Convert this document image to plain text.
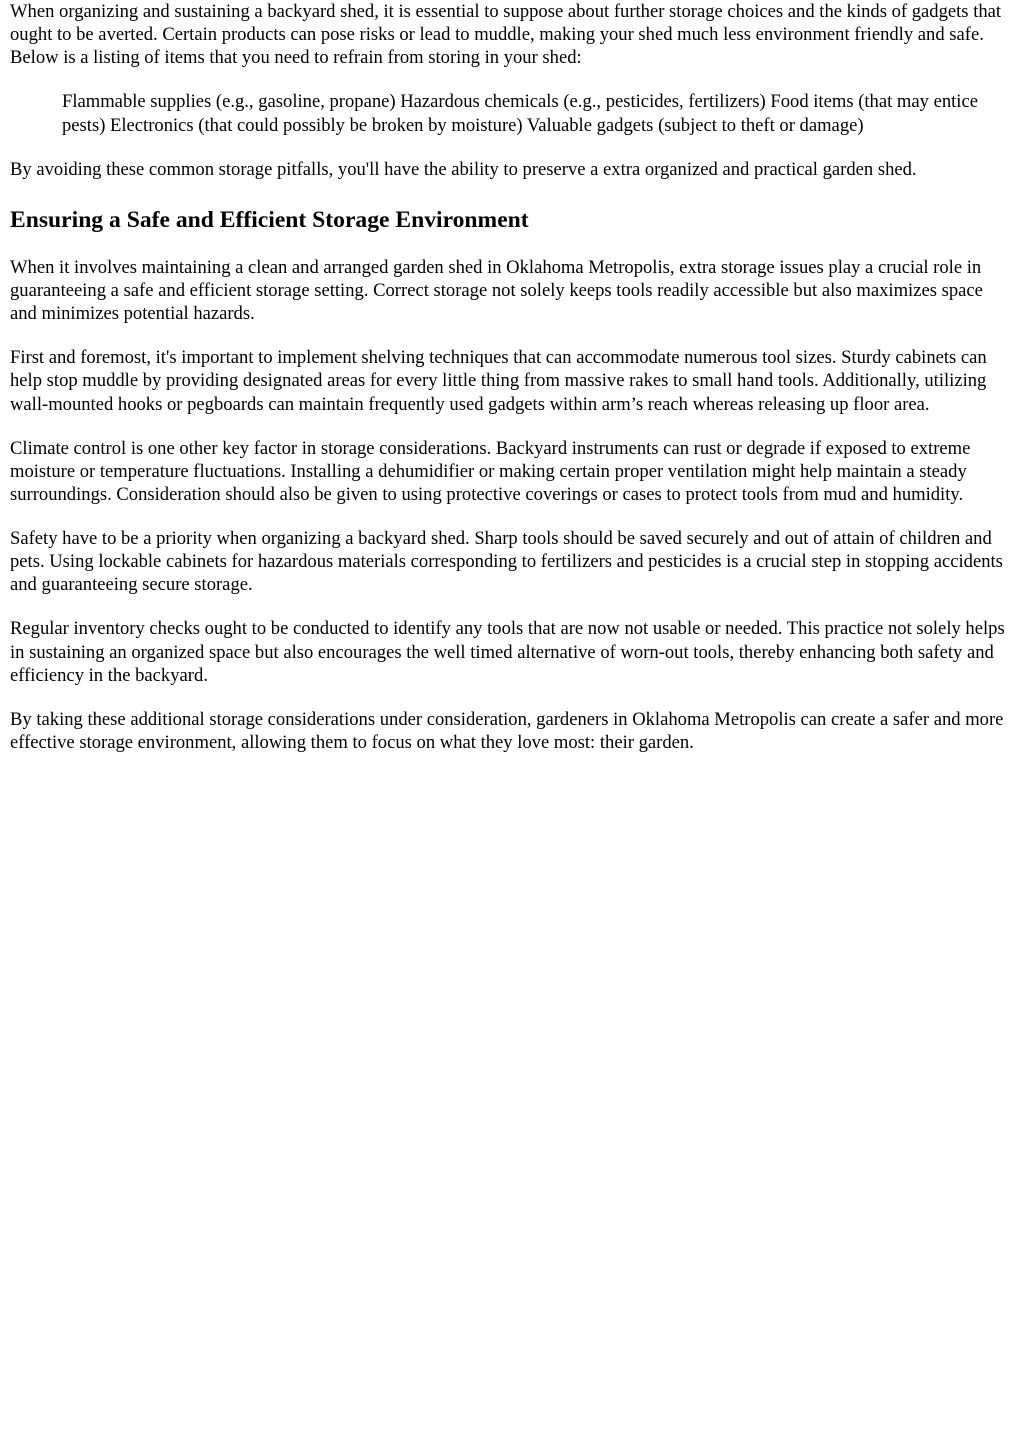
When organizing and sustaining a backyard shed, it is essential to suppose about further storage choices and the kinds of gadgets that ought to be averted. Certain products can pose risks or lead to muddle, making your shed much less environment friendly and safe. Below is a listing of items that you need to refrain from storing in your shed:

Flammable supplies (e.g., gasoline, propane) Hazardous chemicals (e.g., pesticides, fertilizers) Food items (that may entice pests) Electronics (that could possibly be broken by moisture) Valuable gadgets (subject to theft or damage)

By avoiding these common storage pitfalls, you'll have the ability to preserve a extra organized and practical garden shed.

Ensuring a Safe and Efficient Storage Environment

When it involves maintaining a clean and arranged garden shed in Oklahoma Metropolis, extra storage issues play a crucial role in guaranteeing a safe and efficient storage setting. Correct storage not solely keeps tools readily accessible but also maximizes space and minimizes potential hazards.

First and foremost, it's important to implement shelving techniques that can accommodate numerous tool sizes. Sturdy cabinets can help stop muddle by providing designated areas for every little thing from massive rakes to small hand tools. Additionally, utilizing wall-mounted hooks or pegboards can maintain frequently used gadgets within arm’s reach whereas releasing up floor area.

Climate control is one other key factor in storage considerations. Backyard instruments can rust or degrade if exposed to extreme moisture or temperature fluctuations. Installing a dehumidifier or making certain proper ventilation might help maintain a steady surroundings. Consideration should also be given to using protective coverings or cases to protect tools from mud and humidity.

Safety have to be a priority when organizing a backyard shed. Sharp tools should be saved securely and out of attain of children and pets. Using lockable cabinets for hazardous materials corresponding to fertilizers and pesticides is a crucial step in stopping accidents and guaranteeing secure storage.

Regular inventory checks ought to be conducted to identify any tools that are now not usable or needed. This practice not solely helps in sustaining an organized space but also encourages the well timed alternative of worn-out tools, thereby enhancing both safety and efficiency in the backyard.

By taking these additional storage considerations under consideration, gardeners in Oklahoma Metropolis can create a safer and more effective storage environment, allowing them to focus on what they love most: their garden.
